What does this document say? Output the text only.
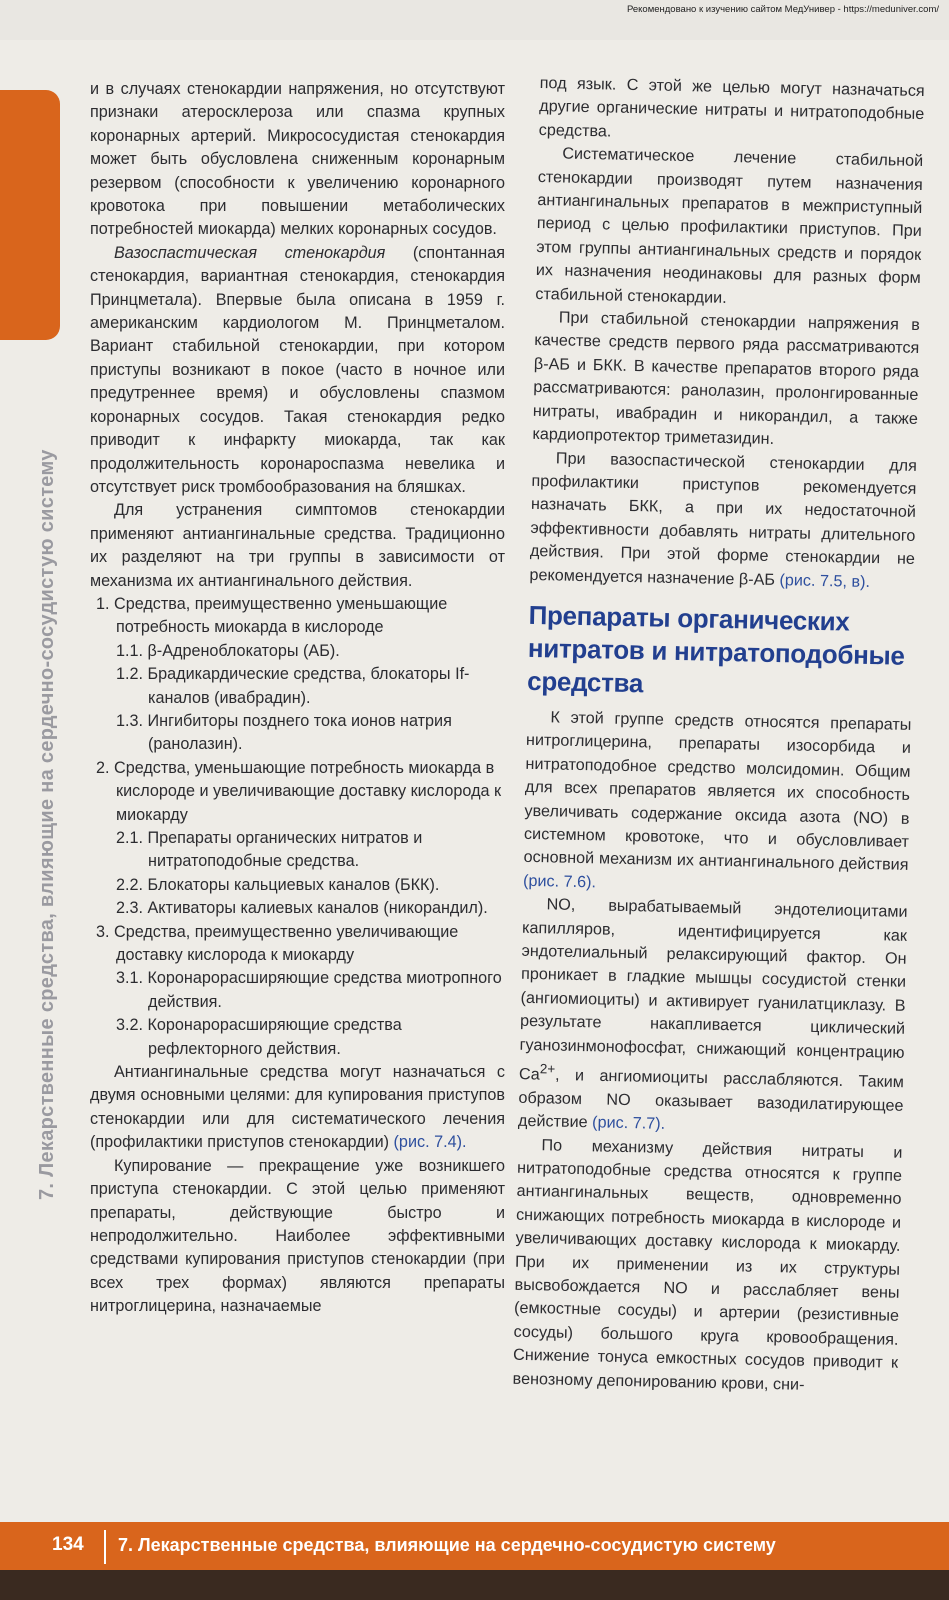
Рекомендовано к изучению сайтом МедУнивер - https://meduniver.com/
7. Лекарственные средства, влияющие на сердечно-сосудистую систему

и в случаях стенокардии напряжения, но отсутствуют признаки атеросклероза или спазма крупных коронарных артерий. Микрососудистая стенокардия может быть обусловлена сниженным коронарным резервом (способности к увеличению коронарного кровотока при повышении метаболических потребностей миокарда) мелких коронарных сосудов.

Вазоспастическая стенокардия (спонтанная стенокардия, вариантная стенокардия, стенокардия Принцметала). Впервые была описана в 1959 г. американским кардиологом М. Принцметалом. Вариант стабильной стенокардии, при котором приступы возникают в покое (часто в ночное или предутреннее время) и обусловлены спазмом коронарных сосудов. Такая стенокардия редко приводит к инфаркту миокарда, так как продолжительность коронароспазма невелика и отсутствует риск тромбообразования на бляшках.

Для устранения симптомов стенокардии применяют антиангинальные средства. Традиционно их разделяют на три группы в зависимости от механизма их антиангинального действия.

1. Средства, преимущественно уменьшающие потребность миокарда в кислороде
1.1. β-Адреноблокаторы (АБ).
1.2. Брадикардические средства, блокаторы If-каналов (ивабрадин).
1.3. Ингибиторы позднего тока ионов натрия (ранолазин).
2. Средства, уменьшающие потребность миокарда в кислороде и увеличивающие доставку кислорода к миокарду
2.1. Препараты органических нитратов и нитратоподобные средства.
2.2. Блокаторы кальциевых каналов (БКК).
2.3. Активаторы калиевых каналов (никорандил).
3. Средства, преимущественно увеличивающие доставку кислорода к миокарду
3.1. Коронарорасширяющие средства миотропного действия.
3.2. Коронарорасширяющие средства рефлекторного действия.

Антиангинальные средства могут назначаться с двумя основными целями: для купирования приступов стенокардии или для систематического лечения (профилактики приступов стенокардии) (рис. 7.4).

Купирование — прекращение уже возникшего приступа стенокардии. С этой целью применяют препараты, действующие быстро и непродолжительно. Наиболее эффективными средствами купирования приступов стенокардии (при всех трех формах) являются препараты нитроглицерина, назначаемые

под язык. С этой же целью могут назначаться другие органические нитраты и нитратоподобные средства.

Систематическое лечение стабильной стенокардии производят путем назначения антиангинальных препаратов в межприступный период с целью профилактики приступов. При этом группы антиангинальных средств и порядок их назначения неодинаковы для разных форм стабильной стенокардии.

При стабильной стенокардии напряжения в качестве средств первого ряда рассматриваются β-АБ и БКК. В качестве препаратов второго ряда рассматриваются: ранолазин, пролонгированные нитраты, ивабрадин и никорандил, а также кардиопротектор триметазидин.

При вазоспастической стенокардии для профилактики приступов рекомендуется назначать БКК, а при их недостаточной эффективности добавлять нитраты длительного действия. При этой форме стенокардии не рекомендуется назначение β-АБ (рис. 7.5, в).

Препараты органических нитратов и нитратоподобные средства

К этой группе средств относятся препараты нитроглицерина, препараты изосорбида и нитратоподобное средство молсидомин. Общим для всех препаратов является их способность увеличивать содержание оксида азота (NO) в системном кровотоке, что и обусловливает основной механизм их антиангинального действия (рис. 7.6).

NO, вырабатываемый эндотелиоцитами капилляров, идентифицируется как эндотелиальный релаксирующий фактор. Он проникает в гладкие мышцы сосудистой стенки (ангиомиоциты) и активирует гуанилатциклазу. В результате накапливается циклический гуанозинмонофосфат, снижающий концентрацию $Ca^{2+}$, и ангиомиоциты расслабляются. Таким образом NO оказывает вазодилатирующее действие (рис. 7.7).

По механизму действия нитраты и нитратоподобные средства относятся к группе антиангинальных веществ, одновременно снижающих потребность миокарда в кислороде и увеличивающих доставку кислорода к миокарду. При их применении из их структуры высвобождается NO и расслабляет вены (емкостные сосуды) и артерии (резистивные сосуды) большого круга кровообращения. Снижение тонуса емкостных сосудов приводит к венозному депонированию крови, сни-

134 7. Лекарственные средства, влияющие на сердечно-сосудистую систему
